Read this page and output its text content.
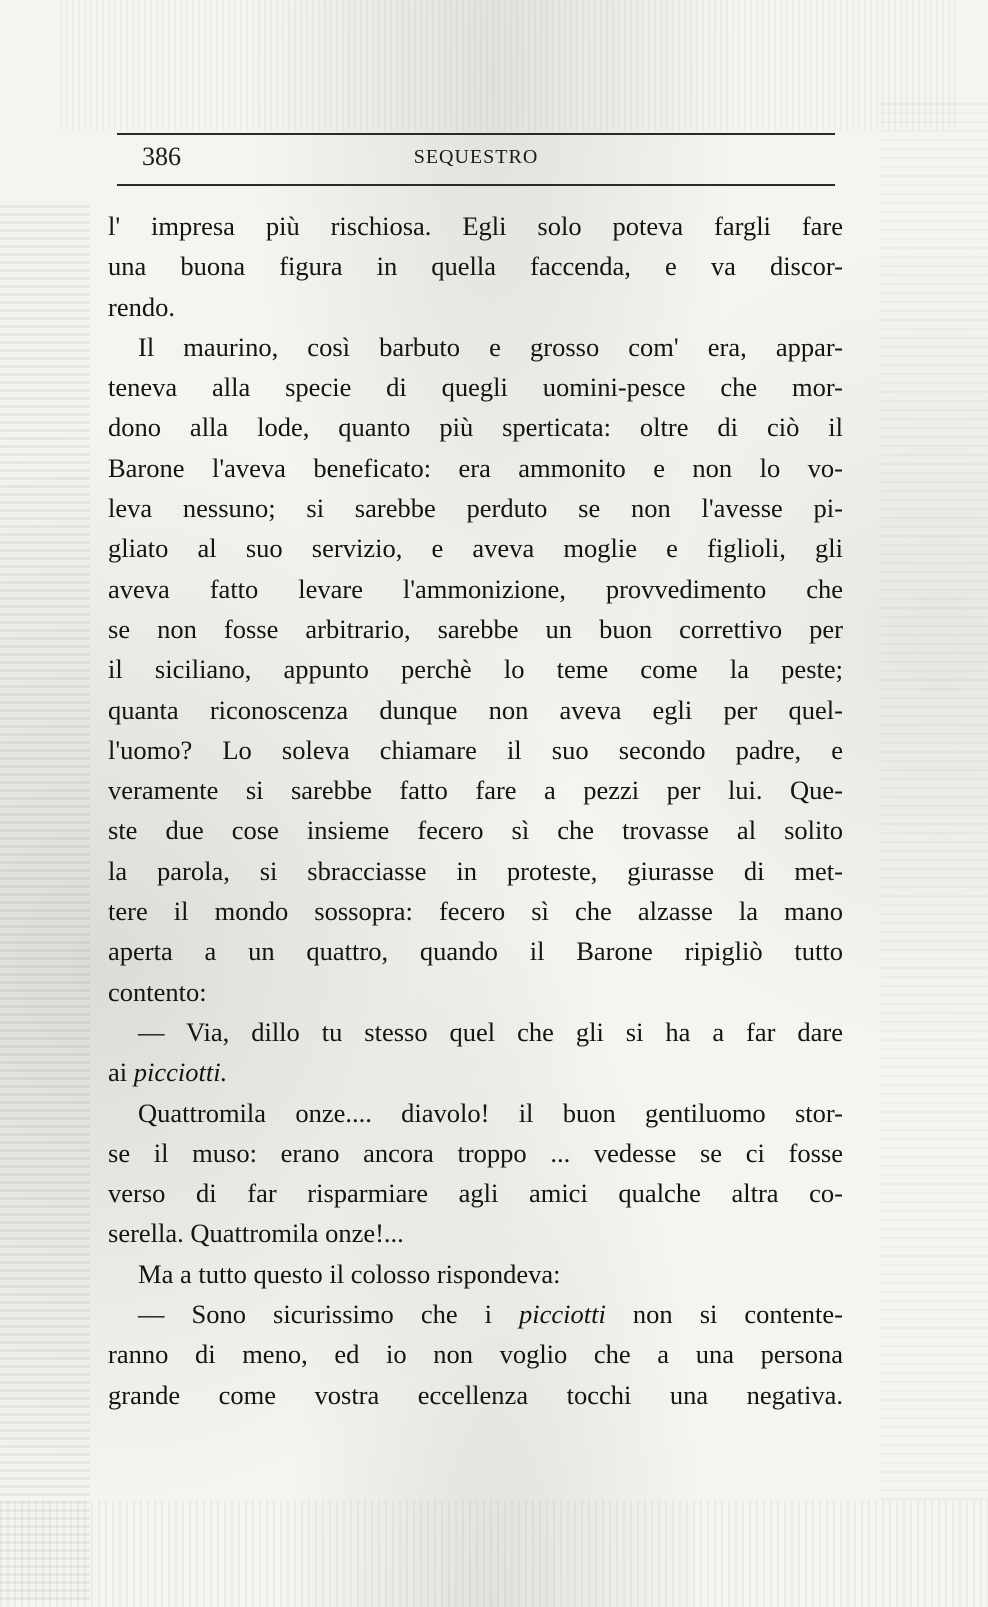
386	SEQUESTRO
l' impresa più rischiosa. Egli solo poteva fargli fare
una buona figura in quella faccenda, e va discor-
rendo.
Il maurino, così barbuto e grosso com' era, appar-
teneva alla specie di quegli uomini-pesce che mor-
dono alla lode, quanto più sperticata: oltre di ciò il
Barone l'aveva beneficato: era ammonito e non lo vo-
leva nessuno; si sarebbe perduto se non l'avesse pi-
gliato al suo servizio, e aveva moglie e figlioli, gli
aveva fatto levare l'ammonizione, provvedimento che
se non fosse arbitrario, sarebbe un buon correttivo per
il siciliano, appunto perchè lo teme come la peste;
quanta riconoscenza dunque non aveva egli per quel-
l'uomo? Lo soleva chiamare il suo secondo padre, e
veramente si sarebbe fatto fare a pezzi per lui. Que-
ste due cose insieme fecero sì che trovasse al solito
la parola, si sbracciasse in proteste, giurasse di met-
tere il mondo sossopra: fecero sì che alzasse la mano
aperta a un quattro, quando il Barone ripigliò tutto
contento:
— Via, dillo tu stesso quel che gli si ha a far dare
ai picciotti.
Quattromila onze.... diavolo! il buon gentiluomo stor-
se il muso: erano ancora troppo ... vedesse se ci fosse
verso di far risparmiare agli amici qualche altra co-
serella. Quattromila onze!...
Ma a tutto questo il colosso rispondeva:
— Sono sicurissimo che i picciotti non si contente-
ranno di meno, ed io non voglio che a una persona
grande come vostra eccellenza tocchi una negativa.
